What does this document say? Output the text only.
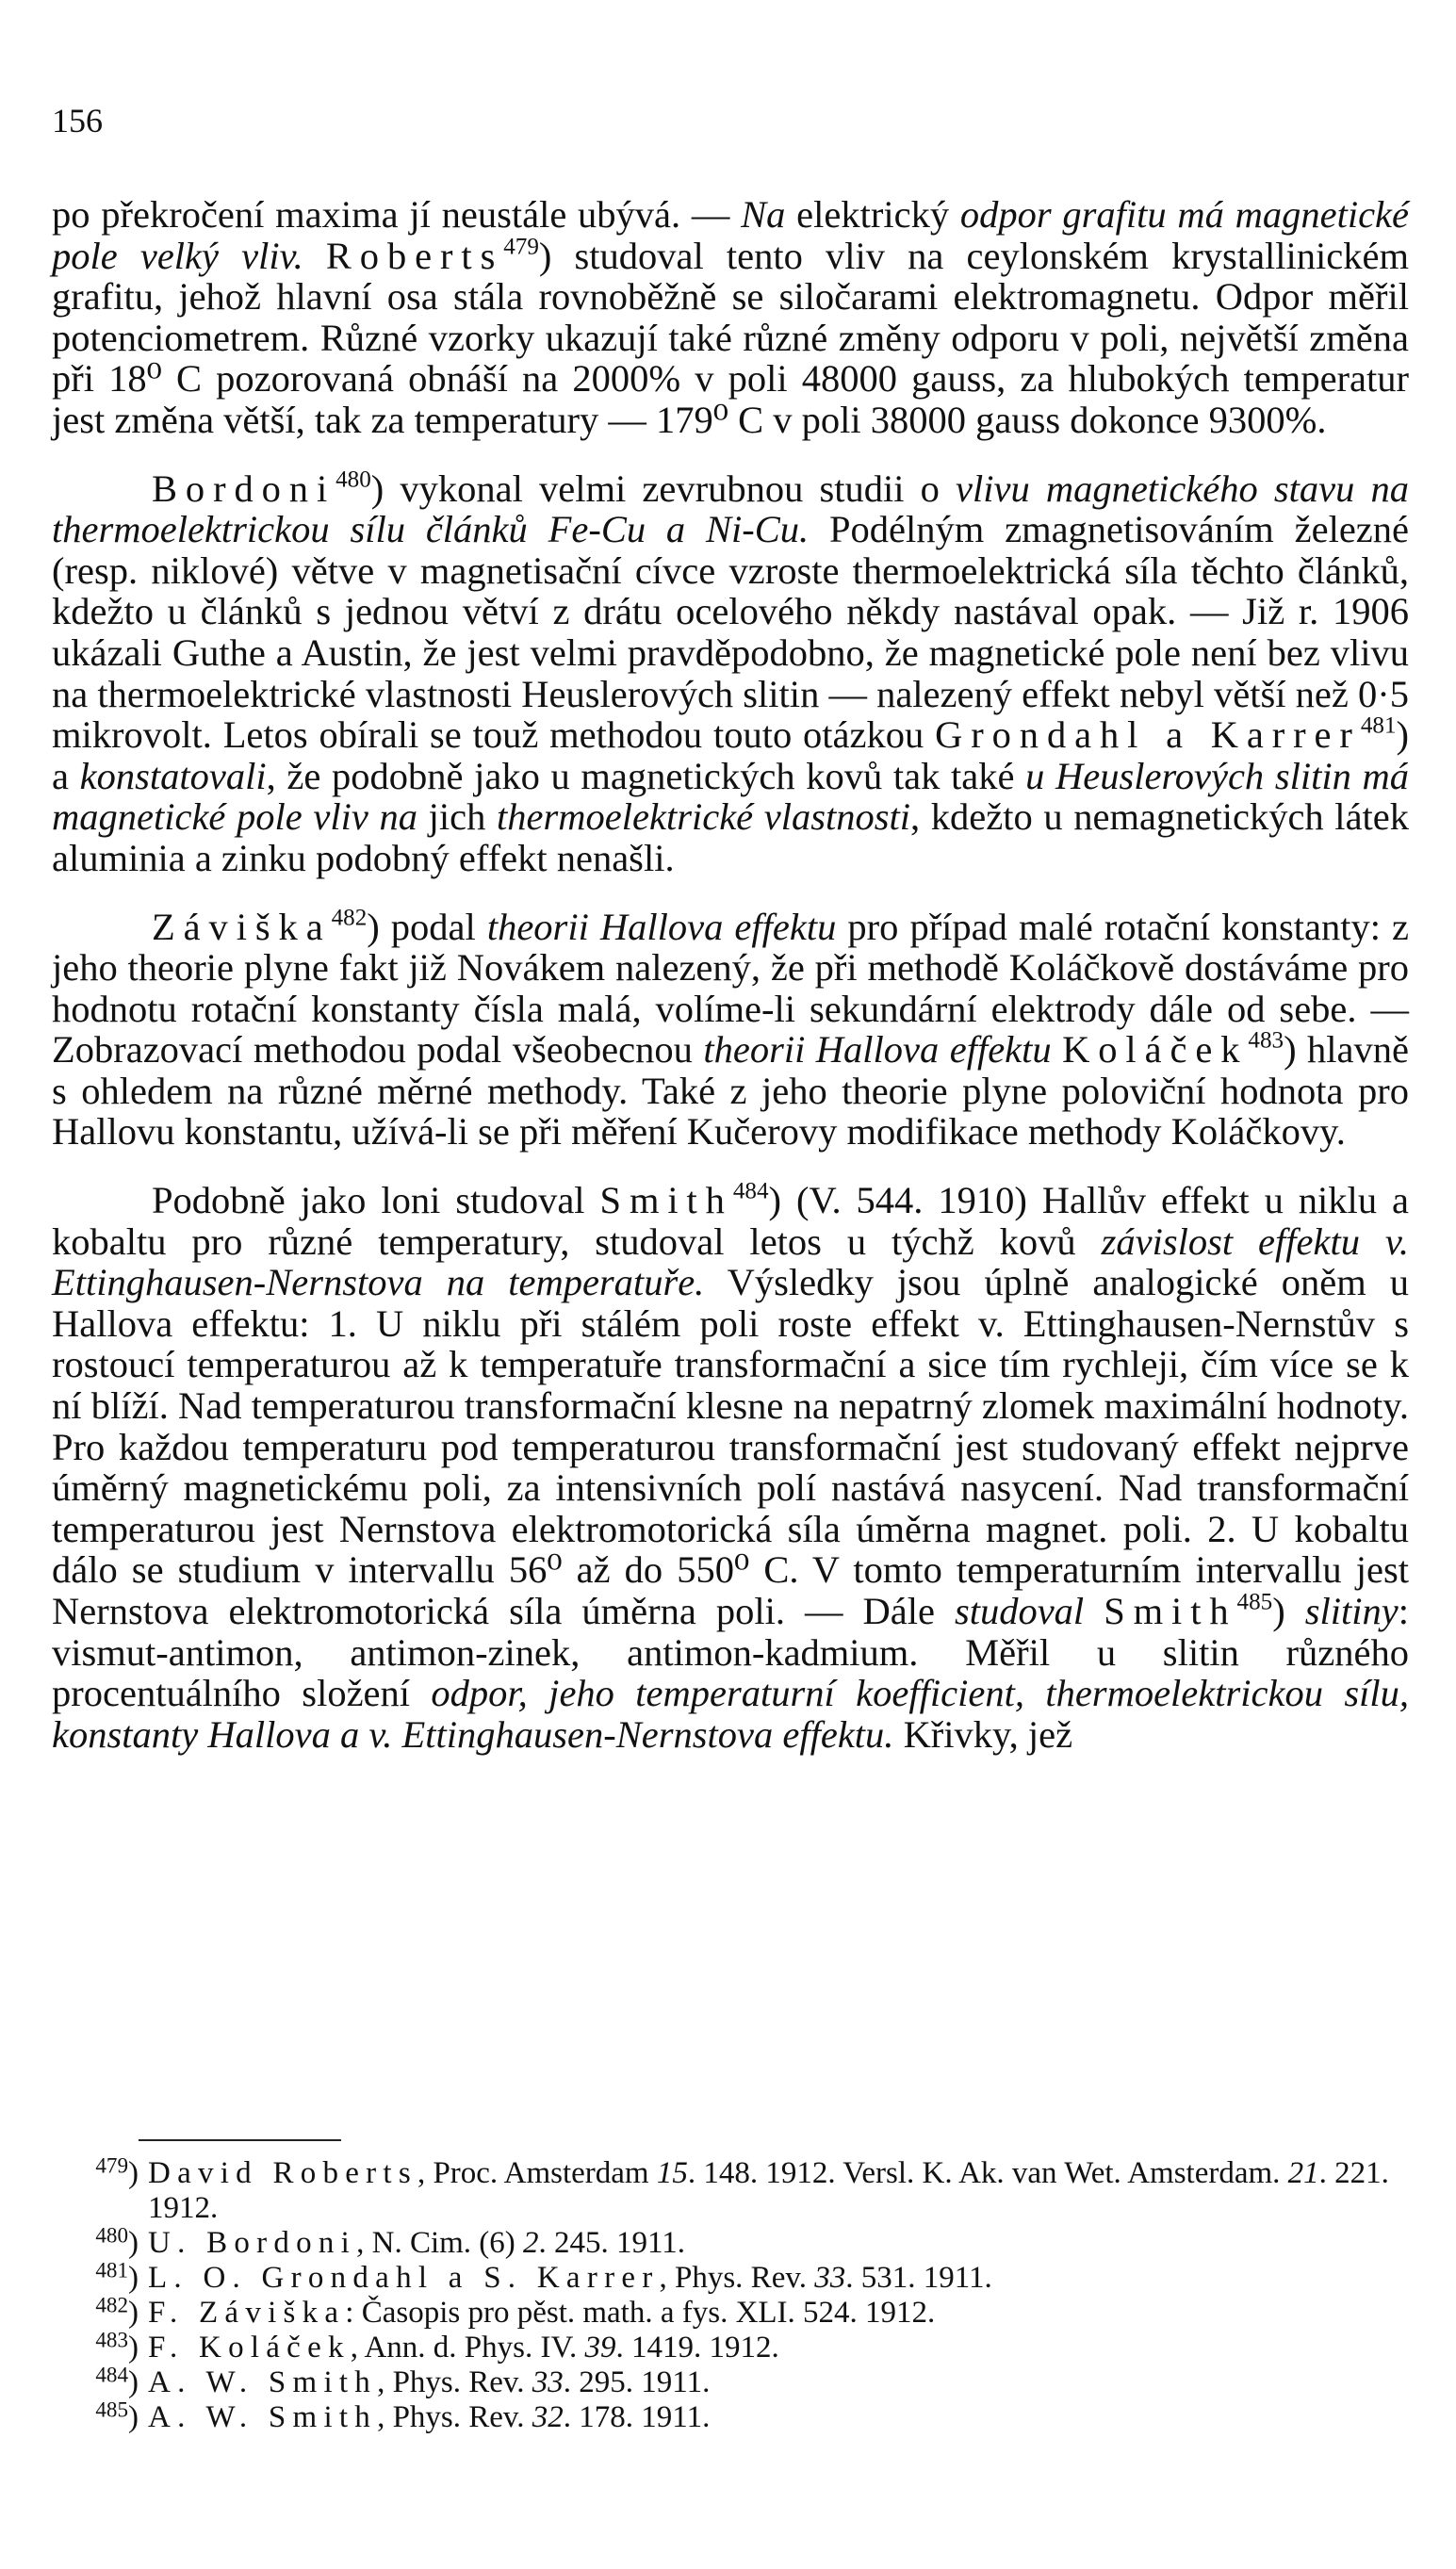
156

po překročení maxima jí neustále ubývá. — Na elektrický odpor grafitu má magnetické pole velký vliv. Roberts$^{479}$) studoval tento vliv na ceylonském krystallinickém grafitu, jehož hlavní osa stála rovnoběžně se siločarami elektromagnetu. Odpor měřil potenciometrem. Různé vzorky ukazují také různé změny odporu v poli, největší změna při 18⁰ C pozorovaná obnáší na 2000% v poli 48000 gauss, za hlubokých temperatur jest změna větší, tak za temperatury — 179⁰ C v poli 38000 gauss dokonce 9300%.

Bordoni$^{480}$) vykonal velmi zevrubnou studii o vlivu magnetického stavu na thermoelektrickou sílu článků Fe-Cu a Ni-Cu. Podélným zmagnetisováním železné (resp. niklové) větve v magnetisační cívce vzroste thermoelektrická síla těchto článků, kdežto u článků s jednou větví z drátu ocelového někdy nastával opak. — Již r. 1906 ukázali Guthe a Austin, že jest velmi pravděpodobno, že magnetické pole není bez vlivu na thermoelektrické vlastnosti Heuslerových slitin — nalezený effekt nebyl větší než 0·5 mikrovolt. Letos obírali se touž methodou touto otázkou Grondahl a Karrer$^{481}$) a konstatovali, že podobně jako u magnetických kovů tak také u Heuslerových slitin má magnetické pole vliv na jich thermoelektrické vlastnosti, kdežto u nemagnetických látek aluminia a zinku podobný effekt nenašli.

Záviška$^{482}$) podal theorii Hallova effektu pro případ malé rotační konstanty: z jeho theorie plyne fakt již Novákem nalezený, že při methodě Koláčkově dostáváme pro hodnotu rotační konstanty čísla malá, volíme-li sekundární elektrody dále od sebe. — Zobrazovací methodou podal všeobecnou theorii Hallova effektu Koláček$^{483}$) hlavně s ohledem na různé měrné methody. Také z jeho theorie plyne poloviční hodnota pro Hallovu konstantu, užívá-li se při měření Kučerovy modifikace methody Koláčkovy.

Podobně jako loni studoval Smith$^{484}$) (V. 544. 1910) Hallův effekt u niklu a kobaltu pro různé temperatury, studoval letos u týchž kovů závislost effektu v. Ettinghausen-Nernstova na temperatuře. Výsledky jsou úplně analogické oněm u Hallova effektu: 1. U niklu při stálém poli roste effekt v. Ettinghausen-Nernstův s rostoucí temperaturou až k temperatuře transformační a sice tím rychleji, čím více se k ní blíží. Nad temperaturou transformační klesne na nepatrný zlomek maximální hodnoty. Pro každou temperaturu pod temperaturou transformační jest studovaný effekt nejprve úměrný magnetickému poli, za intensivních polí nastává nasycení. Nad transformační temperaturou jest Nernstova elektromotorická síla úměrna magnet. poli. 2. U kobaltu dálo se studium v intervallu 56⁰ až do 550⁰ C. V tomto temperaturním intervallu jest Nernstova elektromotorická síla úměrna poli. — Dále studoval Smith$^{485}$) slitiny: vismut-antimon, antimon-zinek, antimon-kadmium. Měřil u slitin různého procentuálního složení odpor, jeho temperaturní koefficient, thermoelektrickou sílu, konstanty Hallova a v. Ettinghausen-Nernstova effektu. Křivky, jež

$^{479}$) David Roberts, Proc. Amsterdam 15. 148. 1912. Versl. K. Ak. van Wet. Amsterdam. 21. 221. 1912.

$^{480}$) U. Bordoni, N. Cim. (6) 2. 245. 1911.

$^{481}$) L. O. Grondahl a S. Karrer, Phys. Rev. 33. 531. 1911.

$^{482}$) F. Záviška: Časopis pro pěst. math. a fys. XLI. 524. 1912.

$^{483}$) F. Koláček, Ann. d. Phys. IV. 39. 1419. 1912.

$^{484}$) A. W. Smith, Phys. Rev. 33. 295. 1911.

$^{485}$) A. W. Smith, Phys. Rev. 32. 178. 1911.
